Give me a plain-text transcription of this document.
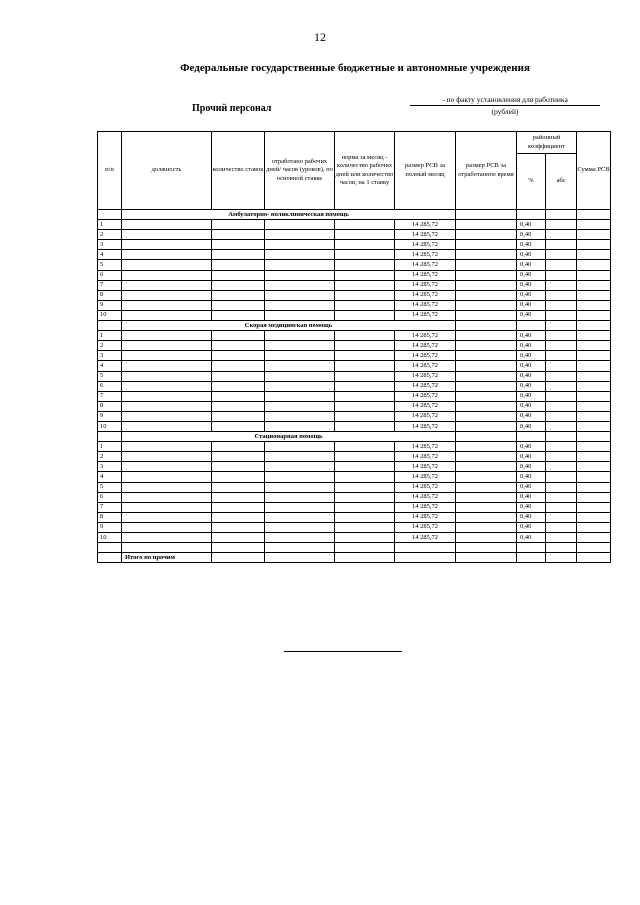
12
Федеральные государственные бюджетные и автономные учреждения
Прочий персонал
- по факту установления для работника
(рублей)
п/н	должность	количество ставок	отработано рабочих дней/ часов (уроков), по основной ставке	норма за месяц - количество рабочих дней или количество часов, на 1 ставку	размер РСВ за полный месяц	размер РСВ за отработанное время	районный коэффициент		Сумма РСВ
							%	абс	
	Амбулаторно- поликлиническая помощь								
1					14 285,72		0,40		
2					14 285,72		0,40		
3					14 285,72		0,40		
4					14 285,72		0,40		
5					14 285,72		0,40		
6					14 285,72		0,40		
7					14 285,72		0,40		
8					14 285,72		0,40		
9					14 285,72		0,40		
10					14 285,72		0,40		
	Скорая медицинская помощь								
1					14 285,72		0,40		
2					14 285,72		0,40		
3					14 285,72		0,40		
4					14 285,72		0,40		
5					14 285,72		0,40		
6					14 285,72		0,40		
7					14 285,72		0,40		
8					14 285,72		0,40		
9					14 285,72		0,40		
10					14 285,72		0,40		
	Стационарная помощь								
1					14 285,72		0,40		
2					14 285,72		0,40		
3					14 285,72		0,40		
4					14 285,72		0,40		
5					14 285,72		0,40		
6					14 285,72		0,40		
7					14 285,72		0,40		
8					14 285,72		0,40		
9					14 285,72		0,40		
10					14 285,72		0,40		

	Итого по прочим								
